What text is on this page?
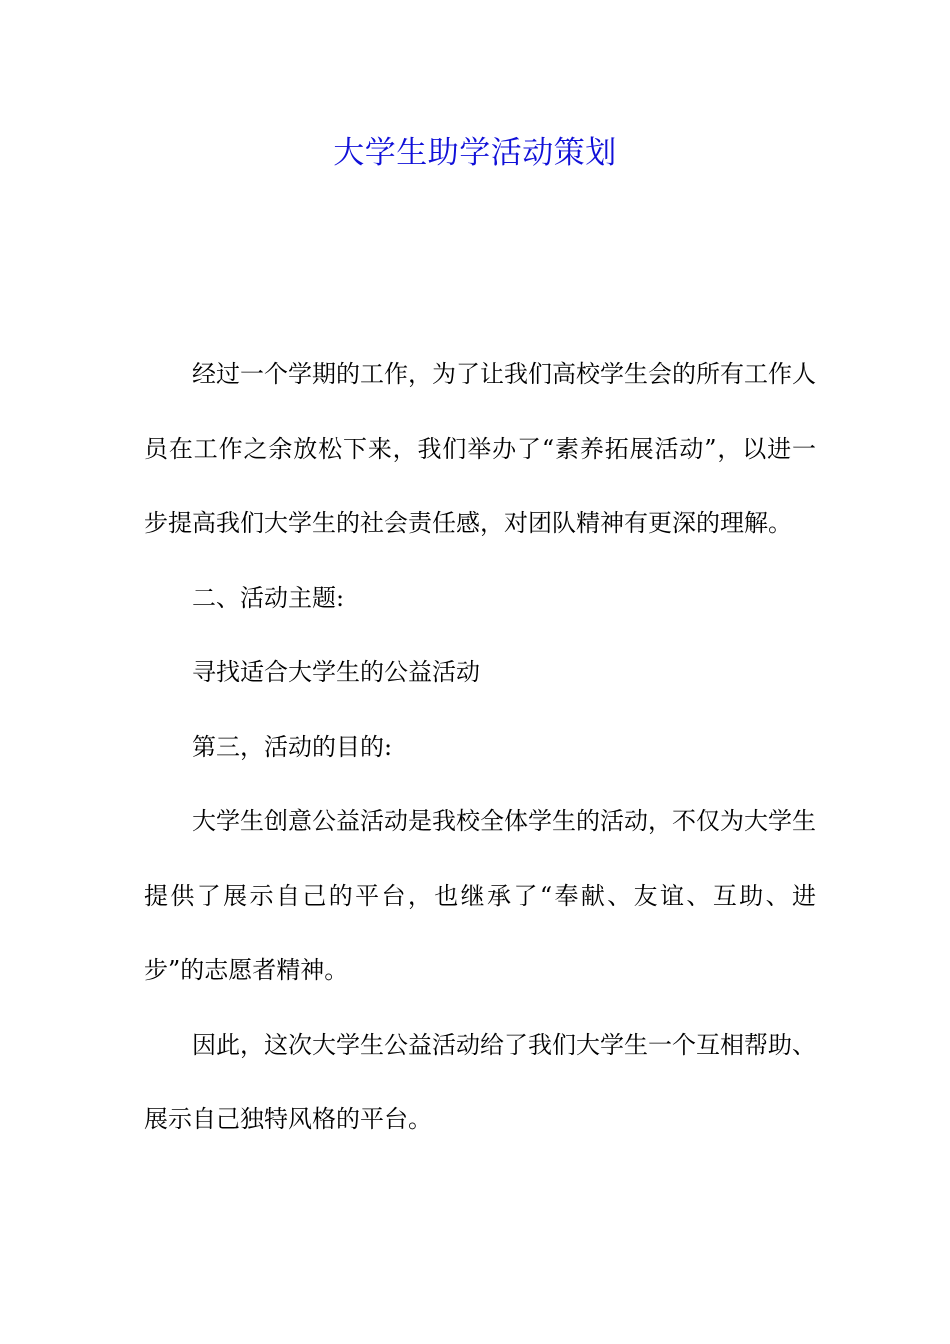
大学生助学活动策划

经过一个学期的工作，为了让我们高校学生会的所有工作人员在工作之余放松下来，我们举办了“素养拓展活动”，以进一步提高我们大学生的社会责任感，对团队精神有更深的理解。

二、活动主题:

寻找适合大学生的公益活动

第三，活动的目的:

大学生创意公益活动是我校全体学生的活动，不仅为大学生提供了展示自己的平台，也继承了“奉献、友谊、互助、进步”的志愿者精神。

因此，这次大学生公益活动给了我们大学生一个互相帮助、展示自己独特风格的平台。
